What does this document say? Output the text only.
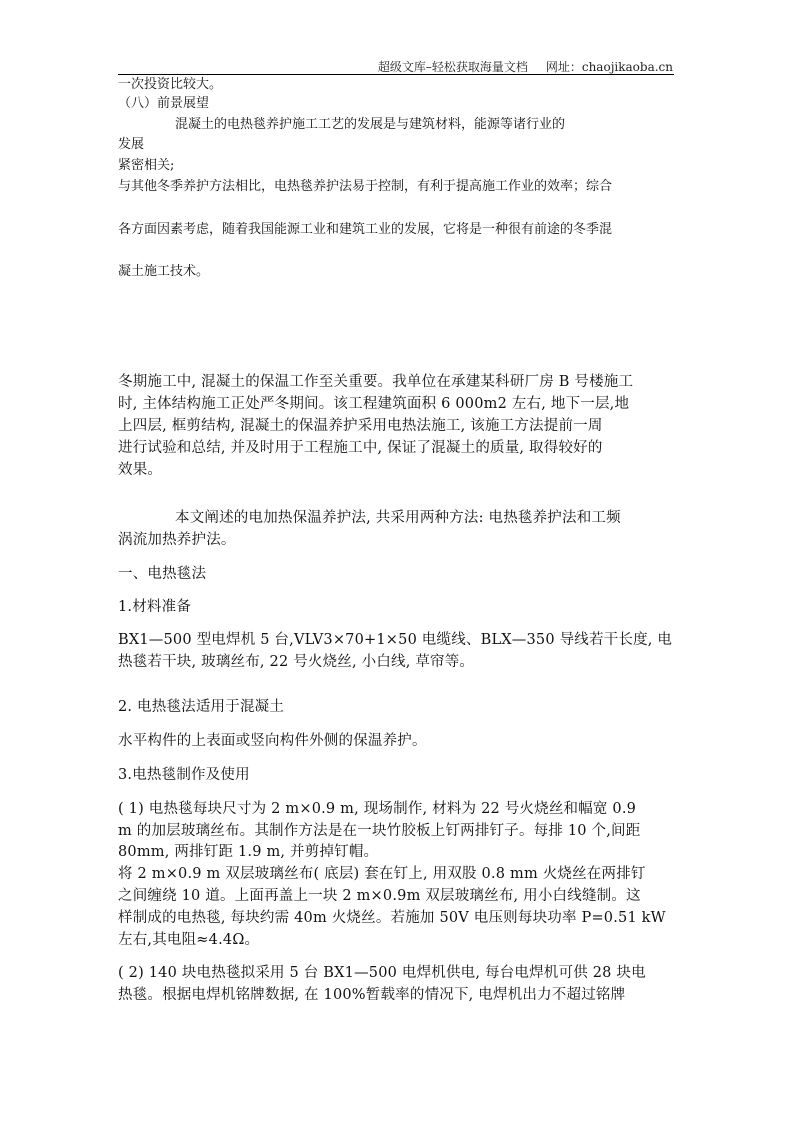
超级文库–轻松获取海量文档 网址：chaojikaoba.cn
一次投资比较大。
（八）前景展望
混凝土的电热毯养护施工工艺的发展是与建筑材料，能源等诸行业的
发展
紧密相关;
与其他冬季养护方法相比，电热毯养护法易于控制，有利于提高施工作业的效率；综合
各方面因素考虑，随着我国能源工业和建筑工业的发展，它将是一种很有前途的冬季混
凝土施工技术。
冬期施工中, 混凝土的保温工作至关重要。我单位在承建某科研厂房 B 号楼施工
时, 主体结构施工正处严冬期间。该工程建筑面积 6 000m2 左右, 地下一层,地
上四层, 框剪结构, 混凝土的保温养护采用电热法施工, 该施工方法提前一周
进行试验和总结, 并及时用于工程施工中, 保证了混凝土的质量, 取得较好的
效果。
本文阐述的电加热保温养护法, 共采用两种方法: 电热毯养护法和工频
涡流加热养护法。
一、电热毯法
1.材料准备
BX1—500 型电焊机 5 台,VLV3×70+1×50 电缆线、BLX—350 导线若干长度, 电
热毯若干块, 玻璃丝布, 22 号火烧丝, 小白线, 草帘等。
2. 电热毯法适用于混凝土
水平构件的上表面或竖向构件外侧的保温养护。
3.电热毯制作及使用
( 1) 电热毯每块尺寸为 2 m×0.9 m, 现场制作, 材料为 22 号火烧丝和幅宽 0.9
m 的加层玻璃丝布。其制作方法是在一块竹胶板上钉两排钉子。每排 10 个,间距
80mm, 两排钉距 1.9 m, 并剪掉钉帽。
将 2 m×0.9 m 双层玻璃丝布( 底层) 套在钉上, 用双股 0.8 mm 火烧丝在两排钉
之间缠绕 10 道。上面再盖上一块 2 m×0.9m 双层玻璃丝布, 用小白线缝制。这
样制成的电热毯, 每块约需 40m 火烧丝。若施加 50V 电压则每块功率 P=0.51 kW
左右,其电阻≈4.4Ω。
( 2) 140 块电热毯拟采用 5 台 BX1—500 电焊机供电, 每台电焊机可供 28 块电
热毯。根据电焊机铭牌数据, 在 100%暂载率的情况下, 电焊机出力不超过铭牌
